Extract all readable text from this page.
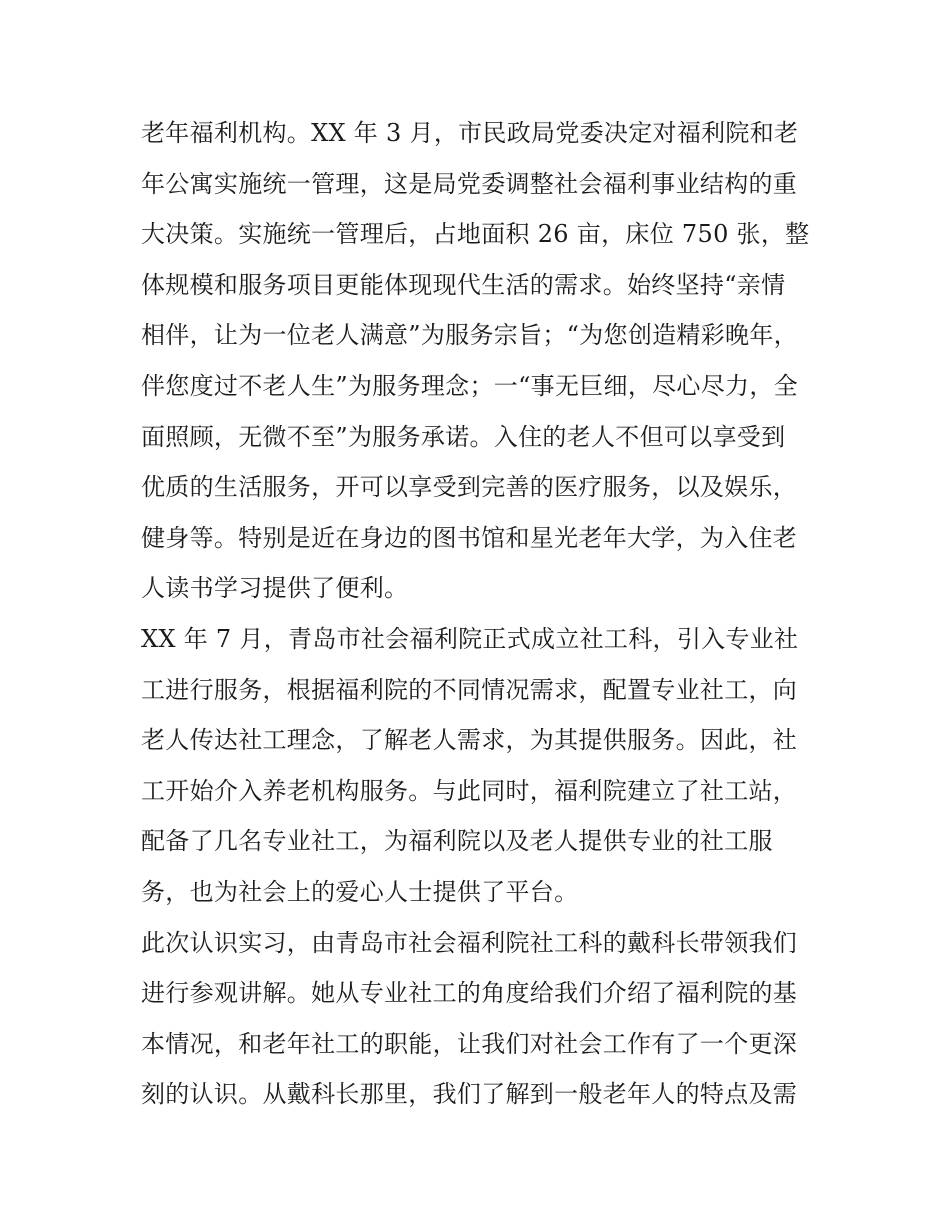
老年福利机构。XX 年 3 月，市民政局党委决定对福利院和老
年公寓实施统一管理，这是局党委调整社会福利事业结构的重
大决策。实施统一管理后，占地面积 26 亩，床位 750 张，整
体规模和服务项目更能体现现代生活的需求。始终坚持“亲情
相伴，让为一位老人满意”为服务宗旨；“为您创造精彩晚年，
伴您度过不老人生”为服务理念；一“事无巨细，尽心尽力，全
面照顾，无微不至”为服务承诺。入住的老人不但可以享受到
优质的生活服务，开可以享受到完善的医疗服务，以及娱乐，
健身等。特别是近在身边的图书馆和星光老年大学，为入住老
人读书学习提供了便利。
XX 年 7 月，青岛市社会福利院正式成立社工科，引入专业社
工进行服务，根据福利院的不同情况需求，配置专业社工，向
老人传达社工理念，了解老人需求，为其提供服务。因此，社
工开始介入养老机构服务。与此同时，福利院建立了社工站，
配备了几名专业社工，为福利院以及老人提供专业的社工服
务，也为社会上的爱心人士提供了平台。
此次认识实习，由青岛市社会福利院社工科的戴科长带领我们
进行参观讲解。她从专业社工的角度给我们介绍了福利院的基
本情况，和老年社工的职能，让我们对社会工作有了一个更深
刻的认识。从戴科长那里，我们了解到一般老年人的特点及需
